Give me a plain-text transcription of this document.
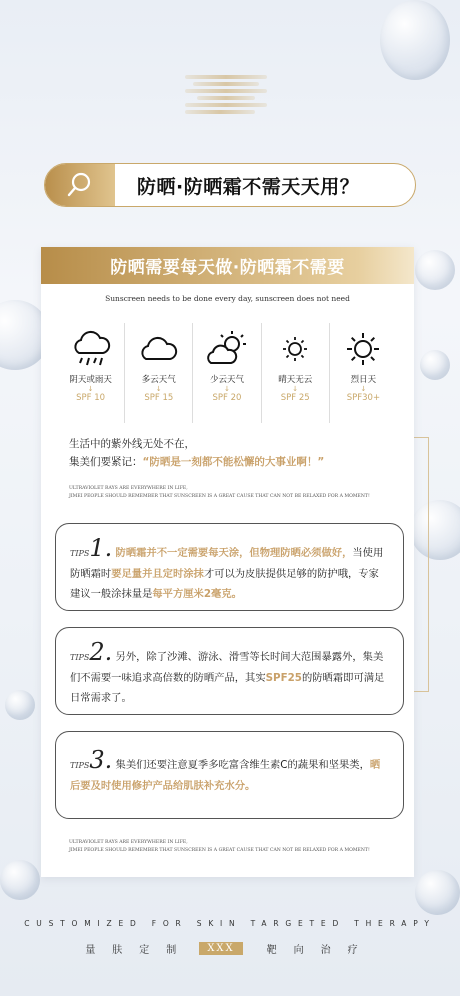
防晒·防晒霜不需天天用？
防晒需要每天做·防晒霜不需要
Sunscreen needs to be done every day, sunscreen does not need
阴天或雨天
↓
SPF 10
多云天气
↓
SPF 15
少云天气
↓
SPF 20
晴天无云
↓
SPF 25
烈日天
↓
SPF30+
生活中的紫外线无处不在，
集美们要紧记：“防晒是一刻都不能松懈的大事业啊！”
ULTRAVIOLET RAYS ARE EVERYWHERE IN LIFE,
JIMEI PEOPLE SHOULD REMEMBER THAT SUNSCREEN IS A GREAT CAUSE THAT CAN NOT BE RELAXED FOR A MOMENT!
TIPS1. 防晒霜并不一定需要每天涂，但物理防晒必须做好，当使用防晒霜时要足量并且定时涂抹才可以为皮肤提供足够的防护哦，专家建议一般涂抹量是每平方厘米2毫克。
TIPS2. 另外，除了沙滩、游泳、滑雪等长时间大范围暴露外，集美们不需要一味追求高倍数的防晒产品，其实SPF25的防晒霜即可满足日常需求了。
TIPS3. 集美们还要注意夏季多吃富含维生素C的蔬果和坚果类，晒后要及时使用修护产品给肌肤补充水分。
ULTRAVIOLET RAYS ARE EVERYWHERE IN LIFE,
JIMEI PEOPLE SHOULD REMEMBER THAT SUNSCREEN IS A GREAT CAUSE THAT CAN NOT BE RELAXED FOR A MOMENT!
CUSTOMIZED FOR SKIN TARGETED THERAPY
量肤定制	XXX	靶向治疗
